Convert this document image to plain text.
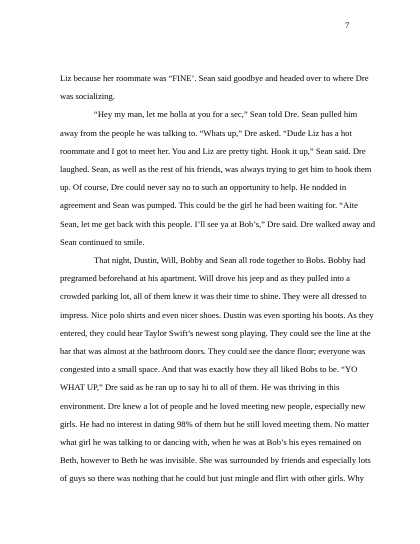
7

Liz because her roommate was “FINE’. Sean said goodbye and headed over to where Dre was socializing.

“Hey my man, let me holla at you for a sec,” Sean told Dre. Sean pulled him away from the people he was talking to. “Whats up,” Dre asked. “Dude Liz has a hot roommate and I got to meet her. You and Liz are pretty tight. Hook it up,” Sean said. Dre laughed. Sean, as well as the rest of his friends, was always trying to get him to hook them up. Of course, Dre could never say no to such an opportunity to help. He nodded in agreement and Sean was pumped. This could be the girl he had been waiting for. “Aite Sean, let me get back with this people. I’ll see ya at Bob’s,” Dre said. Dre walked away and Sean continued to smile.

That night, Dustin, Will, Bobby and Sean all rode together to Bobs. Bobby had pregramed beforehand at his apartment. Will drove his jeep and as they pulled into a crowded parking lot, all of them knew it was their time to shine. They were all dressed to impress. Nice polo shirts and even nicer shoes. Dustin was even sporting his boots. As they entered, they could hear Taylor Swift’s newest song playing. They could see the line at the bar that was almost at the bathroom doors. They could see the dance floor; everyone was congested into a small space. And that was exactly how they all liked Bobs to be. “YO WHAT UP,” Dre said as he ran up to say hi to all of them. He was thriving in this environment. Dre knew a lot of people and he loved meeting new people, especially new girls. He had no interest in dating 98% of them but he still loved meeting them. No matter what girl he was talking to or dancing with, when he was at Bob’s his eyes remained on Beth, however to Beth he was invisible. She was surrounded by friends and especially lots of guys so there was nothing that he could but just mingle and flirt with other girls. Why
